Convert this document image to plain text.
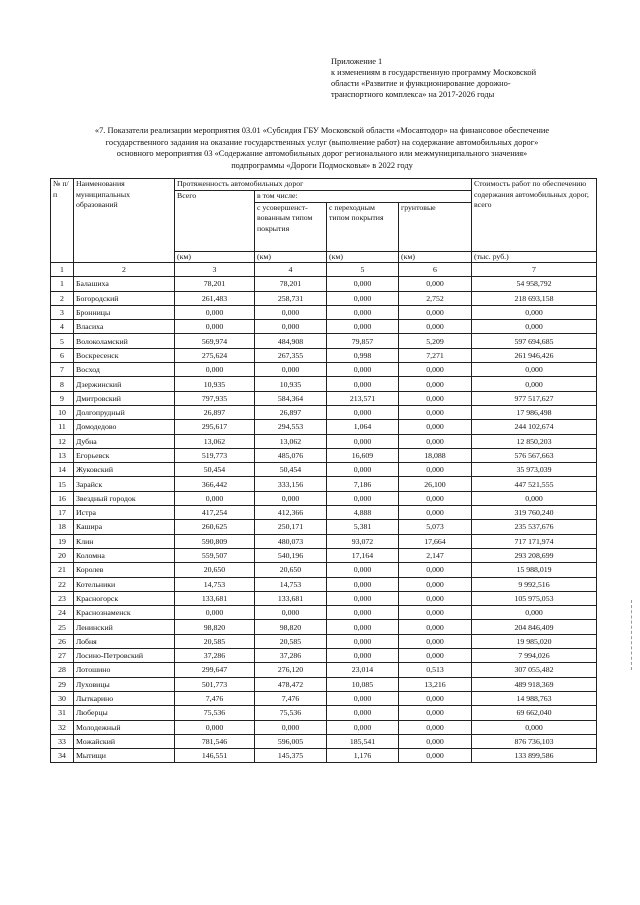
Приложение 1
к изменениям в государственную программу Московской
области «Развитие и функционирование дорожно-
транспортного комплекса» на 2017-2026 годы
«7. Показатели реализации мероприятия 03.01 «Субсидия ГБУ Московской области «Мосавтодор» на финансовое обеспечение
государственного задания на оказание государственных услуг (выполнение работ) на содержание автомобильных дорог»
основного мероприятия 03 «Содержание автомобильных дорог регионального или межмуниципального значения»
подпрограммы «Дороги Подмосковья» в 2022 году
№ п/п	Наименования муниципальных образований	Протяженность автомобильных дорог				Стоимость работ по обеспечению содержания автомобильных дорог, всего
		Всего	в том числе:			
			с усовершенст-вованным типом покрытия	с переходным типом покрытия	грунтовые	
		(км)	(км)	(км)	(км)	(тыс. руб.)
1	2	3	4	5	6	7
1	Балашиха	78,201	78,201	0,000	0,000	54 958,792
2	Богородский	261,483	258,731	0,000	2,752	218 693,158
3	Бронницы	0,000	0,000	0,000	0,000	0,000
4	Власиха	0,000	0,000	0,000	0,000	0,000
5	Волоколамский	569,974	484,908	79,857	5,209	597 694,685
6	Воскресенск	275,624	267,355	0,998	7,271	261 946,426
7	Восход	0,000	0,000	0,000	0,000	0,000
8	Дзержинский	10,935	10,935	0,000	0,000	0,000
9	Дмитровский	797,935	584,364	213,571	0,000	977 517,627
10	Долгопрудный	26,897	26,897	0,000	0,000	17 986,498
11	Домодедово	295,617	294,553	1,064	0,000	244 102,674
12	Дубна	13,062	13,062	0,000	0,000	12 850,203
13	Егорьевск	519,773	485,076	16,609	18,088	576 567,663
14	Жуковский	50,454	50,454	0,000	0,000	35 973,039
15	Зарайск	366,442	333,156	7,186	26,100	447 521,555
16	Звездный городок	0,000	0,000	0,000	0,000	0,000
17	Истра	417,254	412,366	4,888	0,000	319 760,240
18	Кашира	260,625	250,171	5,381	5,073	235 537,676
19	Клин	590,809	480,073	93,072	17,664	717 171,974
20	Коломна	559,507	540,196	17,164	2,147	293 208,699
21	Королев	20,650	20,650	0,000	0,000	15 988,019
22	Котельники	14,753	14,753	0,000	0,000	9 992,516
23	Красногорск	133,681	133,681	0,000	0,000	105 975,053
24	Краснознаменск	0,000	0,000	0,000	0,000	0,000
25	Ленинский	98,820	98,820	0,000	0,000	204 846,409
26	Лобня	20,585	20,585	0,000	0,000	19 985,020
27	Лосино-Петровский	37,286	37,286	0,000	0,000	7 994,026
28	Лотошино	299,647	276,120	23,014	0,513	307 055,482
29	Луховицы	501,773	478,472	10,085	13,216	489 918,369
30	Лыткарино	7,476	7,476	0,000	0,000	14 988,763
31	Люберцы	75,536	75,536	0,000	0,000	69 662,040
32	Молодежный	0,000	0,000	0,000	0,000	0,000
33	Можайский	781,546	596,005	185,541	0,000	876 736,103
34	Мытищи	146,551	145,375	1,176	0,000	133 899,586
